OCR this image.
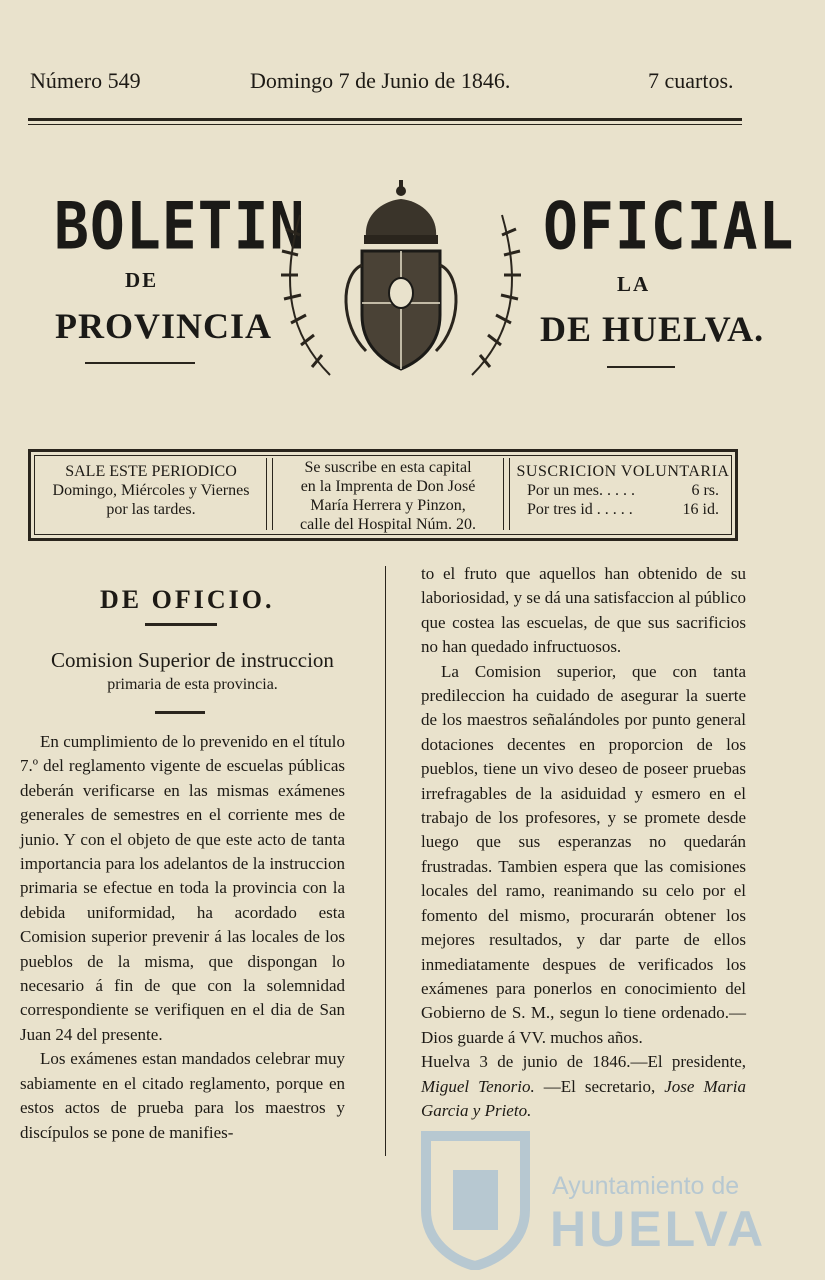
Número 549	Domingo 7 de Junio de 1846.	7 cuartos.
BOLETIN	OFICIAL
DE	LA
PROVINCIA	DE HUELVA.
SALE ESTE PERIODICO
Domingo, Miércoles y Viernes
por las tardes.
Se suscribe en esta capital
en la Imprenta de Don José
María Herrera y Pinzon,
calle del Hospital Núm. 20.
SUSCRICION VOLUNTARIA
Por un mes. . . . .	6 rs.
Por tres id . . . . .	16 id.
DE OFICIO.
Comision Superior de instruccion
primaria de esta provincia.

En cumplimiento de lo prevenido en el título 7.º del reglamento vigente de escuelas públicas deberán verificarse en las mismas exámenes generales de semestres en el corriente mes de junio. Y con el objeto de que este acto de tanta importancia para los adelantos de la instruccion primaria se efectue en toda la provincia con la debida uniformidad, ha acordado esta Comision superior prevenir á las locales de los pueblos de la misma, que dispongan lo necesario á fin de que con la solemnidad correspondiente se verifiquen en el dia de San Juan 24 del presente.

Los exámenes estan mandados celebrar muy sabiamente en el citado reglamento, porque en estos actos de prueba para los maestros y discípulos se pone de manifies-

to el fruto que aquellos han obtenido de su laboriosidad, y se dá una satisfaccion al público que costea las escuelas, de que sus sacrificios no han quedado infructuosos.

La Comision superior, que con tanta predileccion ha cuidado de asegurar la suerte de los maestros señalándoles por punto general dotaciones decentes en proporcion de los pueblos, tiene un vivo deseo de poseer pruebas irrefragables de la asiduidad y esmero en el trabajo de los profesores, y se promete desde luego que sus esperanzas no quedarán frustradas. Tambien espera que las comisiones locales del ramo, reanimando su celo por el fomento del mismo, procurarán obtener los mejores resultados, y dar parte de ellos inmediatamente despues de verificados los exámenes para ponerlos en conocimiento del Gobierno de S. M., segun lo tiene ordenado.—Dios guarde á VV. muchos años.

Huelva 3 de junio de 1846.—El presidente, Miguel Tenorio. —El secretario, Jose Maria Garcia y Prieto.

Ayuntamiento de
HUELVA
